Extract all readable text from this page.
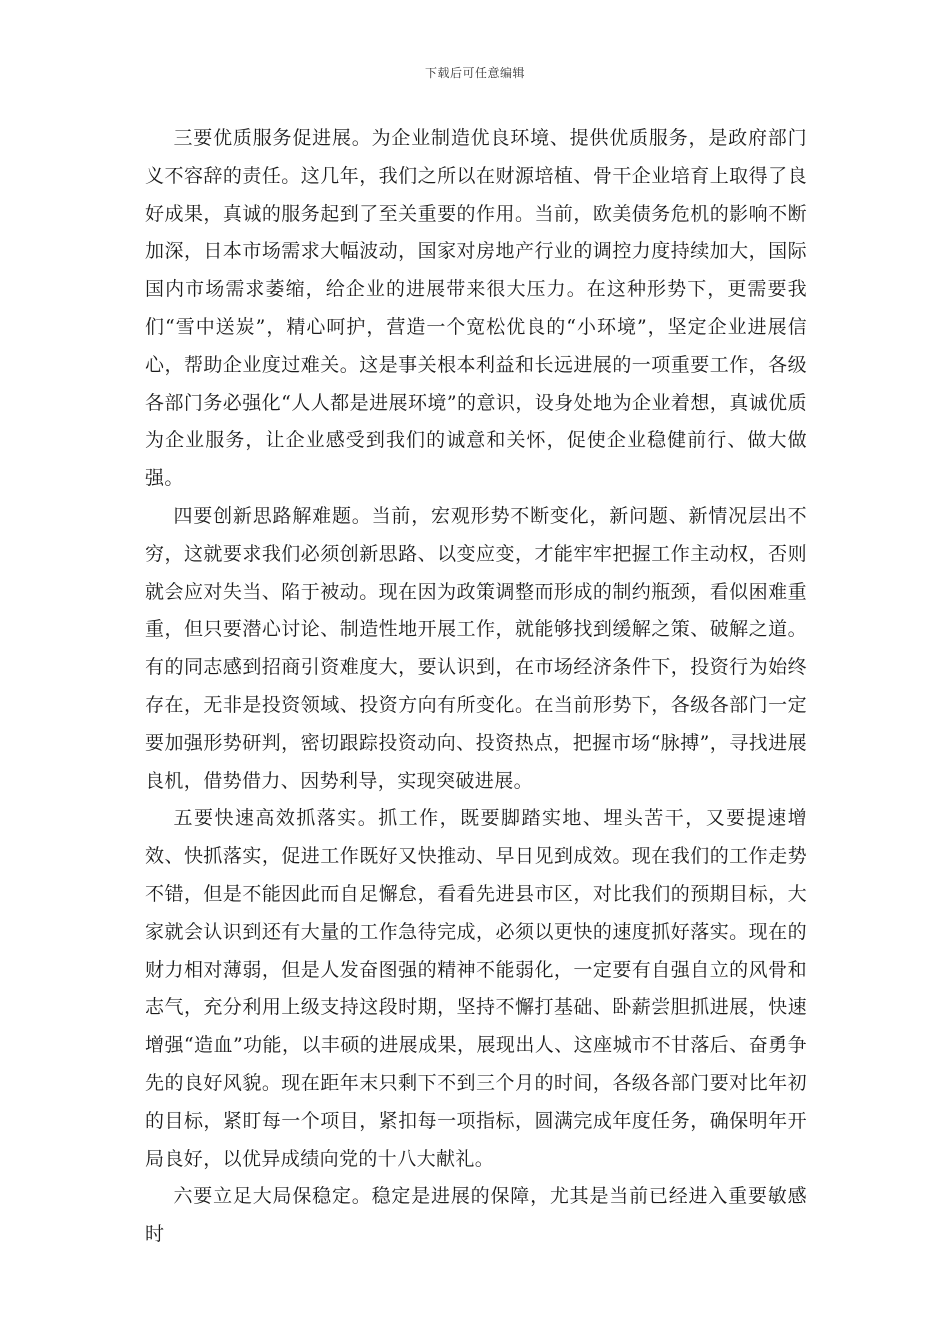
下载后可任意编辑

三要优质服务促进展。为企业制造优良环境、提供优质服务，是政府部门义不容辞的责任。这几年，我们之所以在财源培植、骨干企业培育上取得了良好成果，真诚的服务起到了至关重要的作用。当前，欧美债务危机的影响不断加深，日本市场需求大幅波动，国家对房地产行业的调控力度持续加大，国际国内市场需求萎缩，给企业的进展带来很大压力。在这种形势下，更需要我们“雪中送炭”，精心呵护，营造一个宽松优良的“小环境”，坚定企业进展信心，帮助企业度过难关。这是事关根本利益和长远进展的一项重要工作，各级各部门务必强化“人人都是进展环境”的意识，设身处地为企业着想，真诚优质为企业服务，让企业感受到我们的诚意和关怀，促使企业稳健前行、做大做强。

四要创新思路解难题。当前，宏观形势不断变化，新问题、新情况层出不穷，这就要求我们必须创新思路、以变应变，才能牢牢把握工作主动权，否则就会应对失当、陷于被动。现在因为政策调整而形成的制约瓶颈，看似困难重重，但只要潜心讨论、制造性地开展工作，就能够找到缓解之策、破解之道。有的同志感到招商引资难度大，要认识到，在市场经济条件下，投资行为始终存在，无非是投资领域、投资方向有所变化。在当前形势下，各级各部门一定要加强形势研判，密切跟踪投资动向、投资热点，把握市场“脉搏”，寻找进展良机，借势借力、因势利导，实现突破进展。

五要快速高效抓落实。抓工作，既要脚踏实地、埋头苦干，又要提速增效、快抓落实，促进工作既好又快推动、早日见到成效。现在我们的工作走势不错，但是不能因此而自足懈怠，看看先进县市区，对比我们的预期目标，大家就会认识到还有大量的工作急待完成，必须以更快的速度抓好落实。现在的财力相对薄弱，但是人发奋图强的精神不能弱化，一定要有自强自立的风骨和志气，充分利用上级支持这段时期，坚持不懈打基础、卧薪尝胆抓进展，快速增强“造血”功能，以丰硕的进展成果，展现出人、这座城市不甘落后、奋勇争先的良好风貌。现在距年末只剩下不到三个月的时间，各级各部门要对比年初的目标，紧盯每一个项目，紧扣每一项指标，圆满完成年度任务，确保明年开局良好，以优异成绩向党的十八大献礼。

六要立足大局保稳定。稳定是进展的保障，尤其是当前已经进入重要敏感时
